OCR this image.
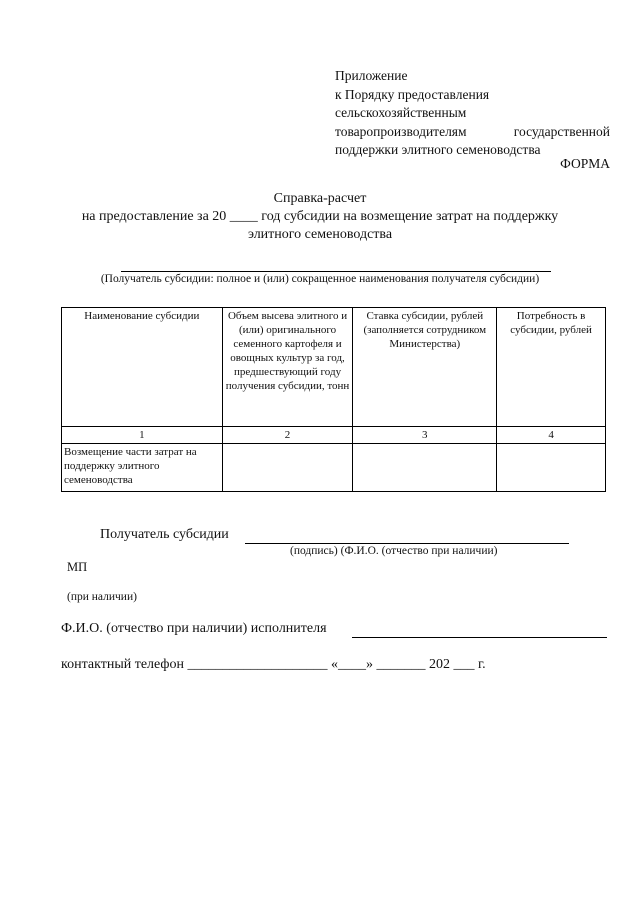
Приложение
к Порядку предоставления
сельскохозяйственным
товаропроизводителям	государственной
поддержки элитного семеноводства
ФОРМА
Справка-расчет
на предоставление за 20 ____ год субсидии на возмещение затрат на поддержку
элитного семеноводства
(Получатель субсидии: полное и (или) сокращенное наименования получателя субсидии)
Наименование субсидии	Объем высева элитного и (или) оригинального семенного картофеля и овощных культур за год, предшествующий году получения субсидии, тонн	Ставка субсидии, рублей (заполняется сотрудником Министерства)	Потребность в субсидии, рублей
1	2	3	4
Возмещение части затрат на поддержку элитного семеноводства			
Получатель субсидии
(подпись) (Ф.И.О. (отчество при наличии)
МП
(при наличии)
Ф.И.О. (отчество при наличии) исполнителя
контактный телефон ____________________ «____» _______ 202 ___ г.
